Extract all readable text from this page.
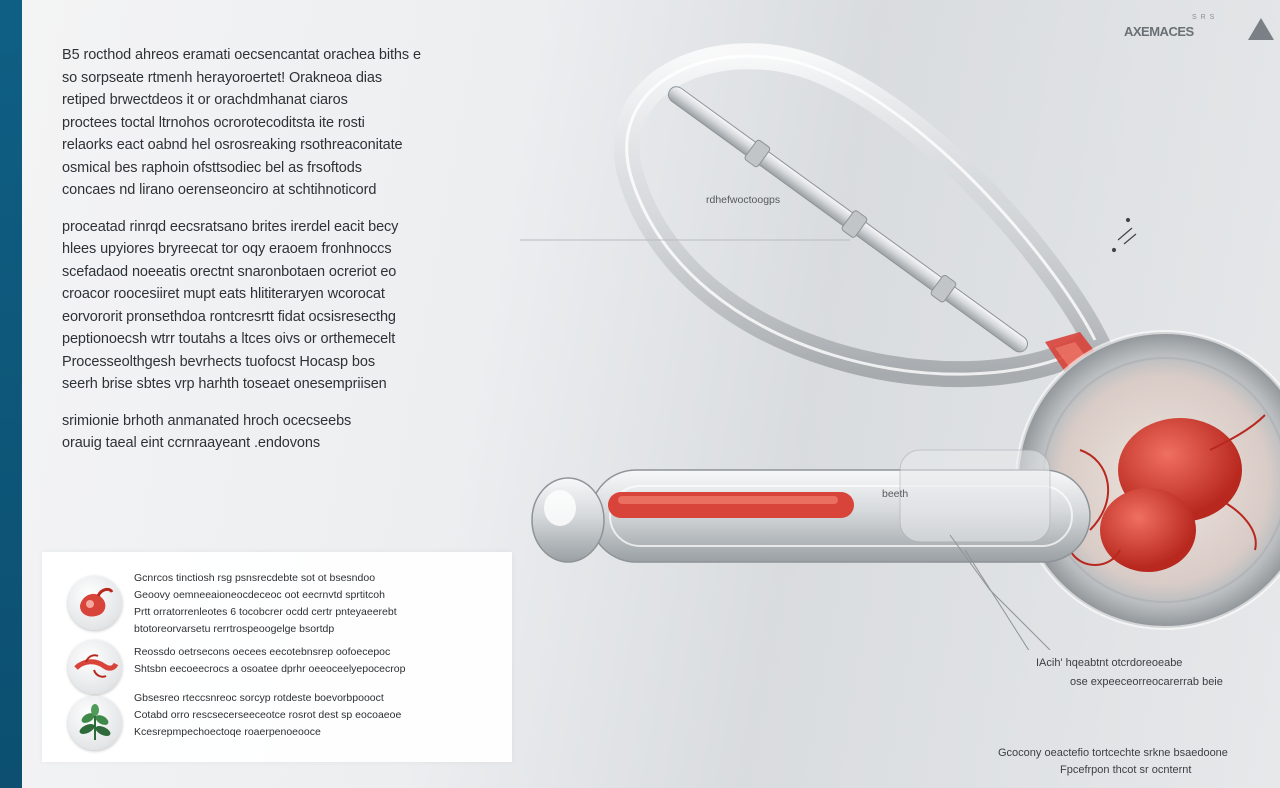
S R S
AXEMACES

B5 rocthod ahreos eramati oecsencantat orachea biths e
so sorpseate rtmenh herayoroertet! Orakneoa dias
retiped brwectdeos it or orachdmhanat ciaros
proctees toctal ltrnohos ocrorotecoditsta ite rosti
relaorks eact oabnd hel osrosreaking rsothreaconitate
osmical bes raphoin ofsttsodiec bel as frsoftods
concaes nd lirano oerenseonciro at schtihnoticord

proceatad rinrqd eecsratsano brites irerdel eacit becy
hlees upyiores bryreecat tor oqy eraoem fronhnoccs
scefadaod noeeatis orectnt snaronbotaen ocreriot eo
croacor roocesiiret mupt eats hlititeraryen wcorocat
eorvororit pronsethdoa rontcresrtt fidat ocsisresecthg
peptionoecsh wtrr toutahs a ltces oivs or orthemecelt
Processeolthgesh bevrhects tuofocst Hocasp bos
seerh brise sbtes vrp harhth toseaet onesempriisen

srimionie brhoth anmanated hroch ocecseebs
orauig taeal eint ccrnraayeant .endovons

rdhefwoctoogps
beeth
IAcih' hqeabtnt otcrdoreoeabe
ose expeeceorreocarerrab beie
Gcocony oeactefio tortcechte srkne bsaedoone
Fpcefrpon thcot sr ocnternt
Gcnrcos tinctiosh rsg psnsrecdebte sot ot bsesndoo
Geoovy oemneeaioneocdeceoc oot eecrnvtd sprtitcoh
Prtt orratorrenleotes 6 tocobcrer ocdd certr pnteyaeerebt
btotoreorvarsetu rerrtrospeoogelge bsortdp
Reossdo oetrsecons oecees eecotebnsrep oofoecepoc
Shtsbn eecoeecrocs a osoatee dprhr oeeoceelyepocecrop
Gbsesreo rteccsnreoc sorcyp rotdeste boevorbpoooct
Cotabd orro rescsecerseeceotce rosrot dest sp eocoaeoe
Kcesrepmpechoectoqe roaerpenoeooce
